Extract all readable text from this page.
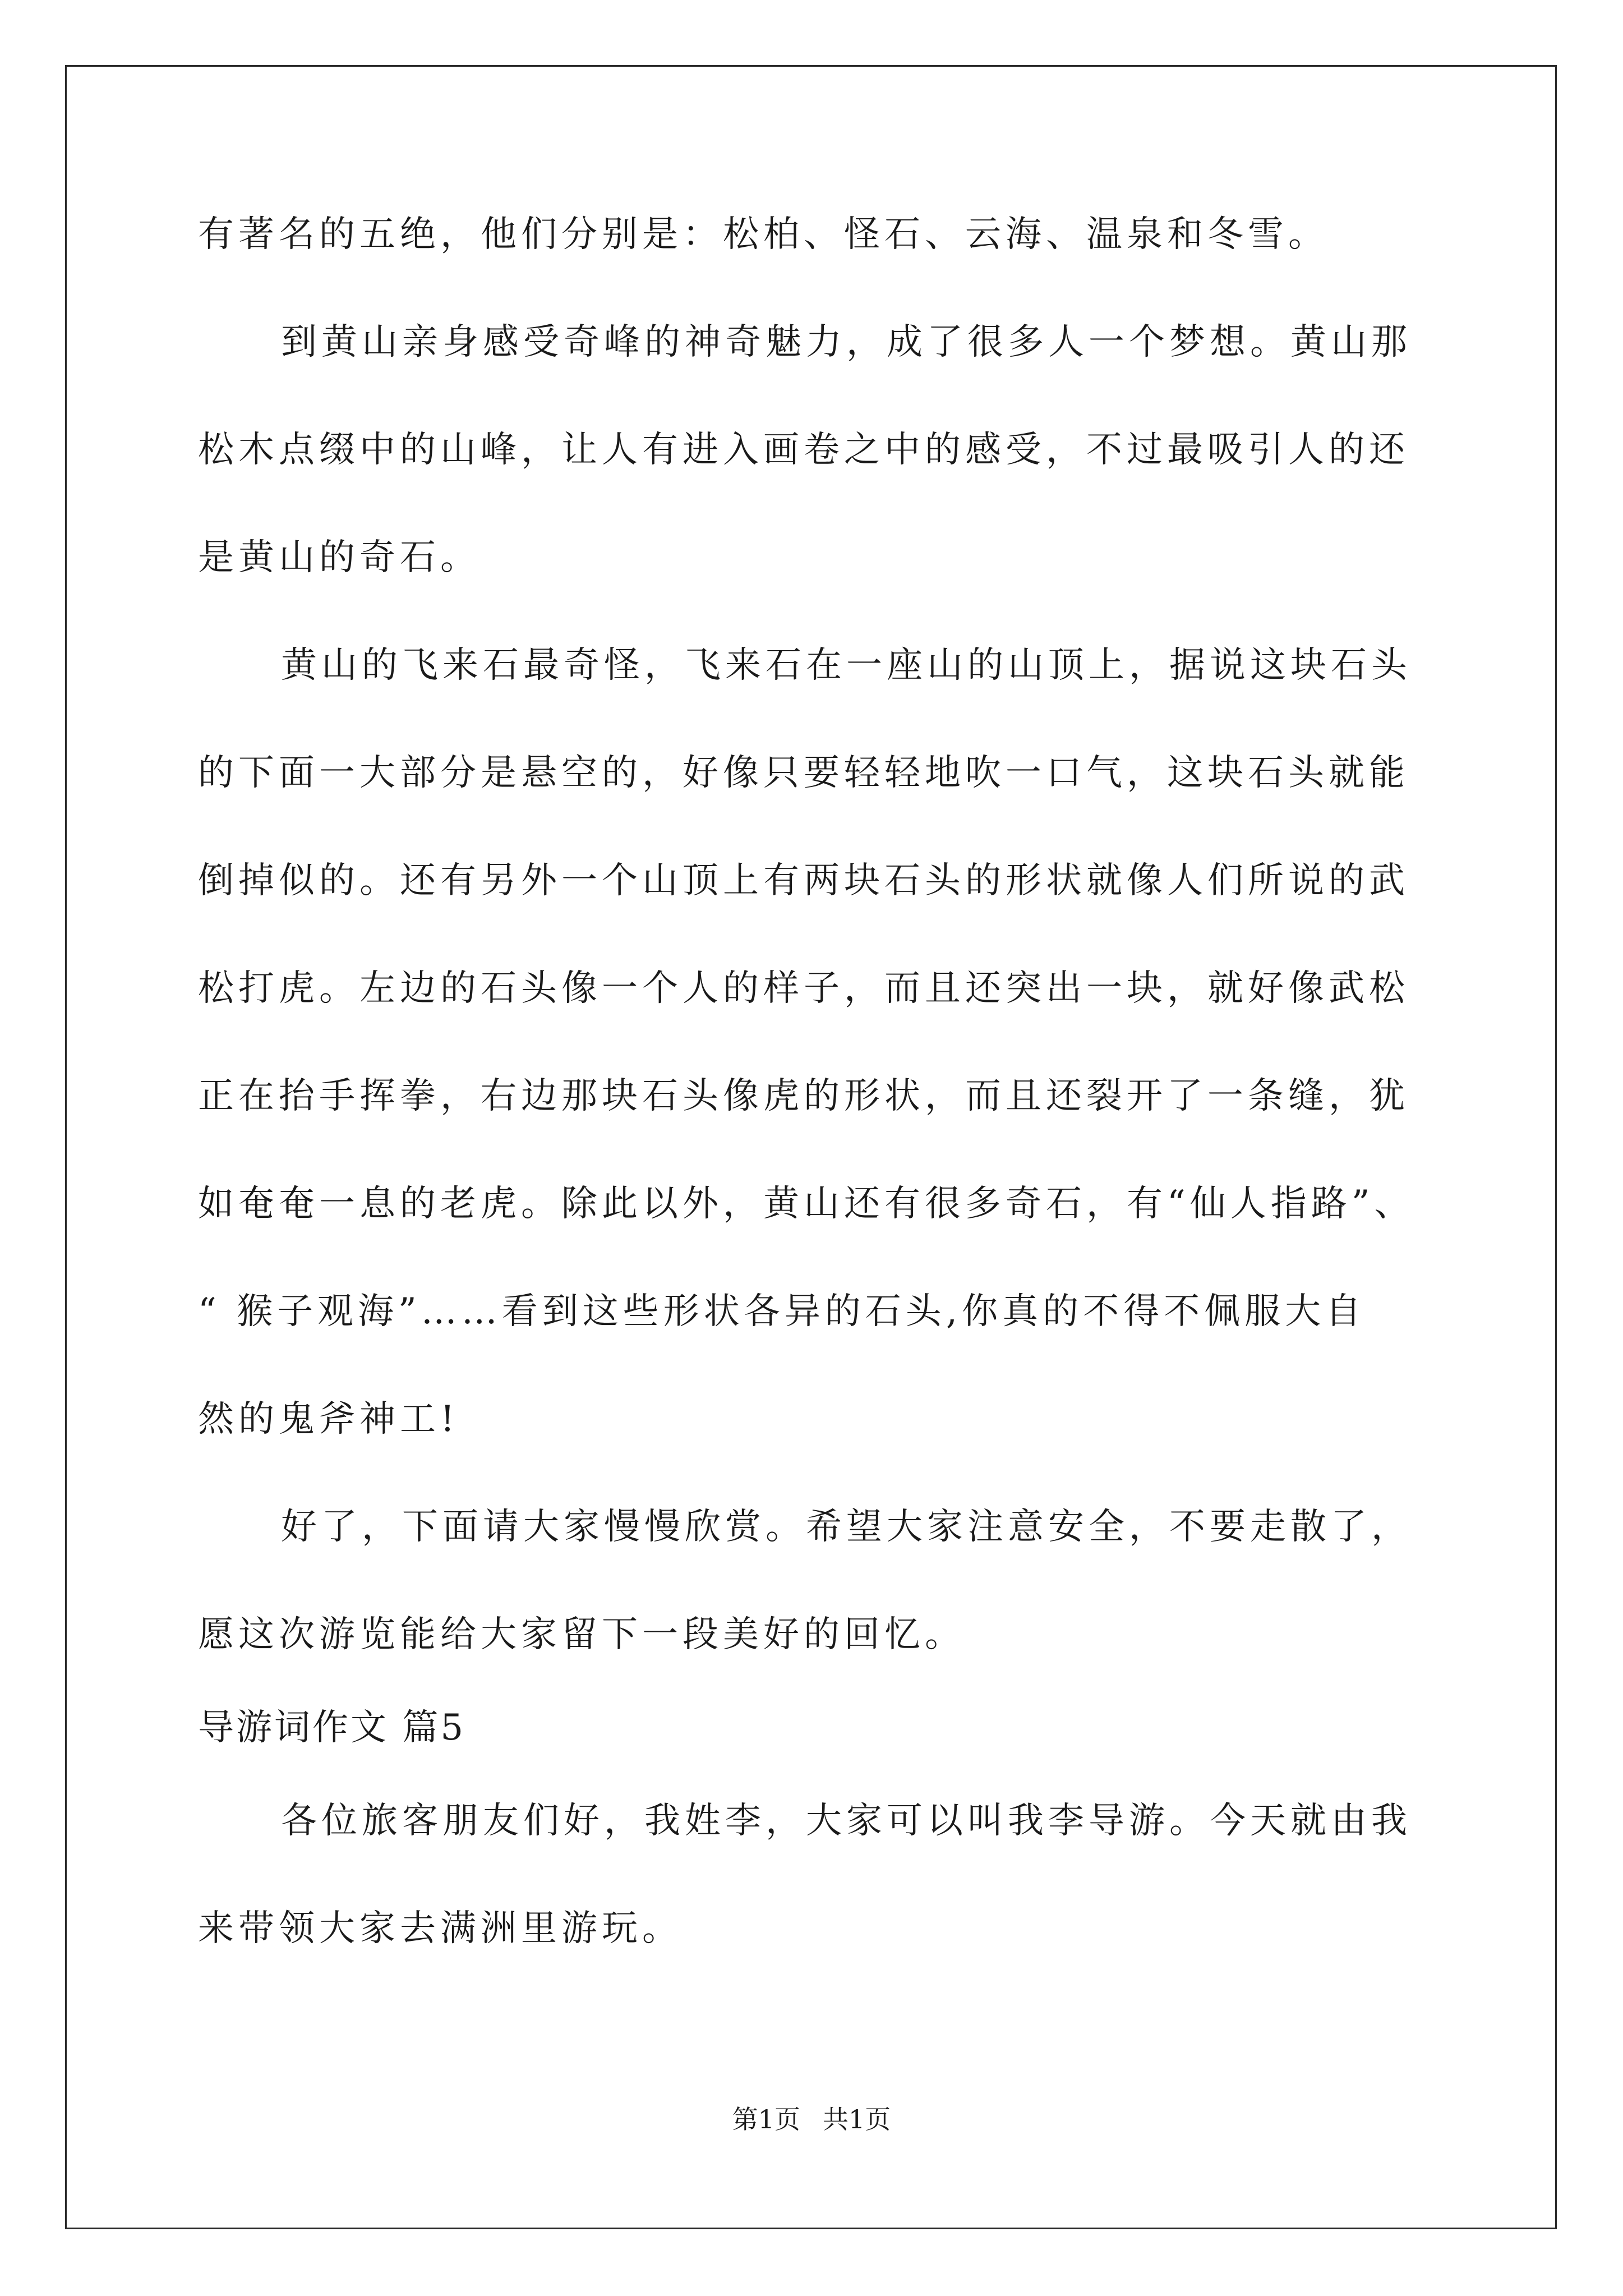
有著名的五绝，他们分别是：松柏、怪石、云海、温泉和冬雪。
到黄山亲身感受奇峰的神奇魅力，成了很多人一个梦想。黄山那
松木点缀中的山峰，让人有进入画卷之中的感受，不过最吸引人的还
是黄山的奇石。
黄山的飞来石最奇怪，飞来石在一座山的山顶上，据说这块石头
的下面一大部分是悬空的，好像只要轻轻地吹一口气，这块石头就能
倒掉似的。还有另外一个山顶上有两块石头的形状就像人们所说的武
松打虎。左边的石头像一个人的样子，而且还突出一块，就好像武松
正在抬手挥拳，右边那块石头像虎的形状，而且还裂开了一条缝，犹
如奄奄一息的老虎。除此以外，黄山还有很多奇石，有“仙人指路”、
“ 猴子观海”……看到这些形状各异的石头,你真的不得不佩服大自
然的鬼斧神工!
好了，下面请大家慢慢欣赏。希望大家注意安全，不要走散了，
愿这次游览能给大家留下一段美好的回忆。
导游词作文 篇5
各位旅客朋友们好，我姓李，大家可以叫我李导游。今天就由我
来带领大家去满洲里游玩。
第1页 共1页
